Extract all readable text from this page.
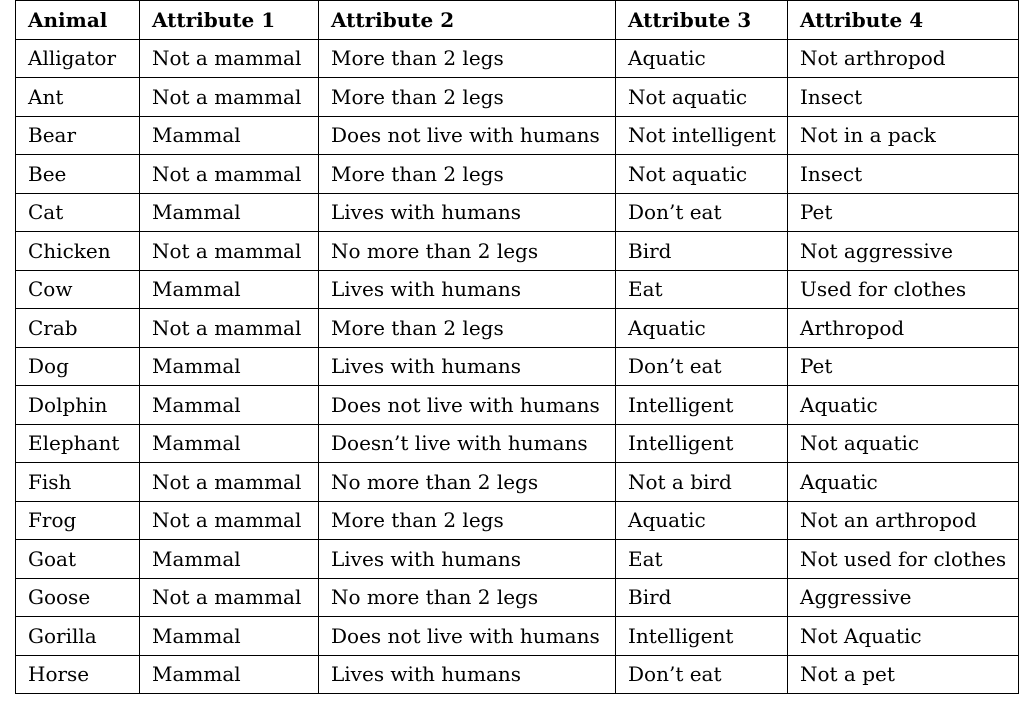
Animal	Attribute 1	Attribute 2	Attribute 3	Attribute 4
Alligator	Not a mammal	More than 2 legs	Aquatic	Not arthropod
Ant	Not a mammal	More than 2 legs	Not aquatic	Insect
Bear	Mammal	Does not live with humans	Not intelligent	Not in a pack
Bee	Not a mammal	More than 2 legs	Not aquatic	Insect
Cat	Mammal	Lives with humans	Don’t eat	Pet
Chicken	Not a mammal	No more than 2 legs	Bird	Not aggressive
Cow	Mammal	Lives with humans	Eat	Used for clothes
Crab	Not a mammal	More than 2 legs	Aquatic	Arthropod
Dog	Mammal	Lives with humans	Don’t eat	Pet
Dolphin	Mammal	Does not live with humans	Intelligent	Aquatic
Elephant	Mammal	Doesn’t live with humans	Intelligent	Not aquatic
Fish	Not a mammal	No more than 2 legs	Not a bird	Aquatic
Frog	Not a mammal	More than 2 legs	Aquatic	Not an arthropod
Goat	Mammal	Lives with humans	Eat	Not used for clothes
Goose	Not a mammal	No more than 2 legs	Bird	Aggressive
Gorilla	Mammal	Does not live with humans	Intelligent	Not Aquatic
Horse	Mammal	Lives with humans	Don’t eat	Not a pet
